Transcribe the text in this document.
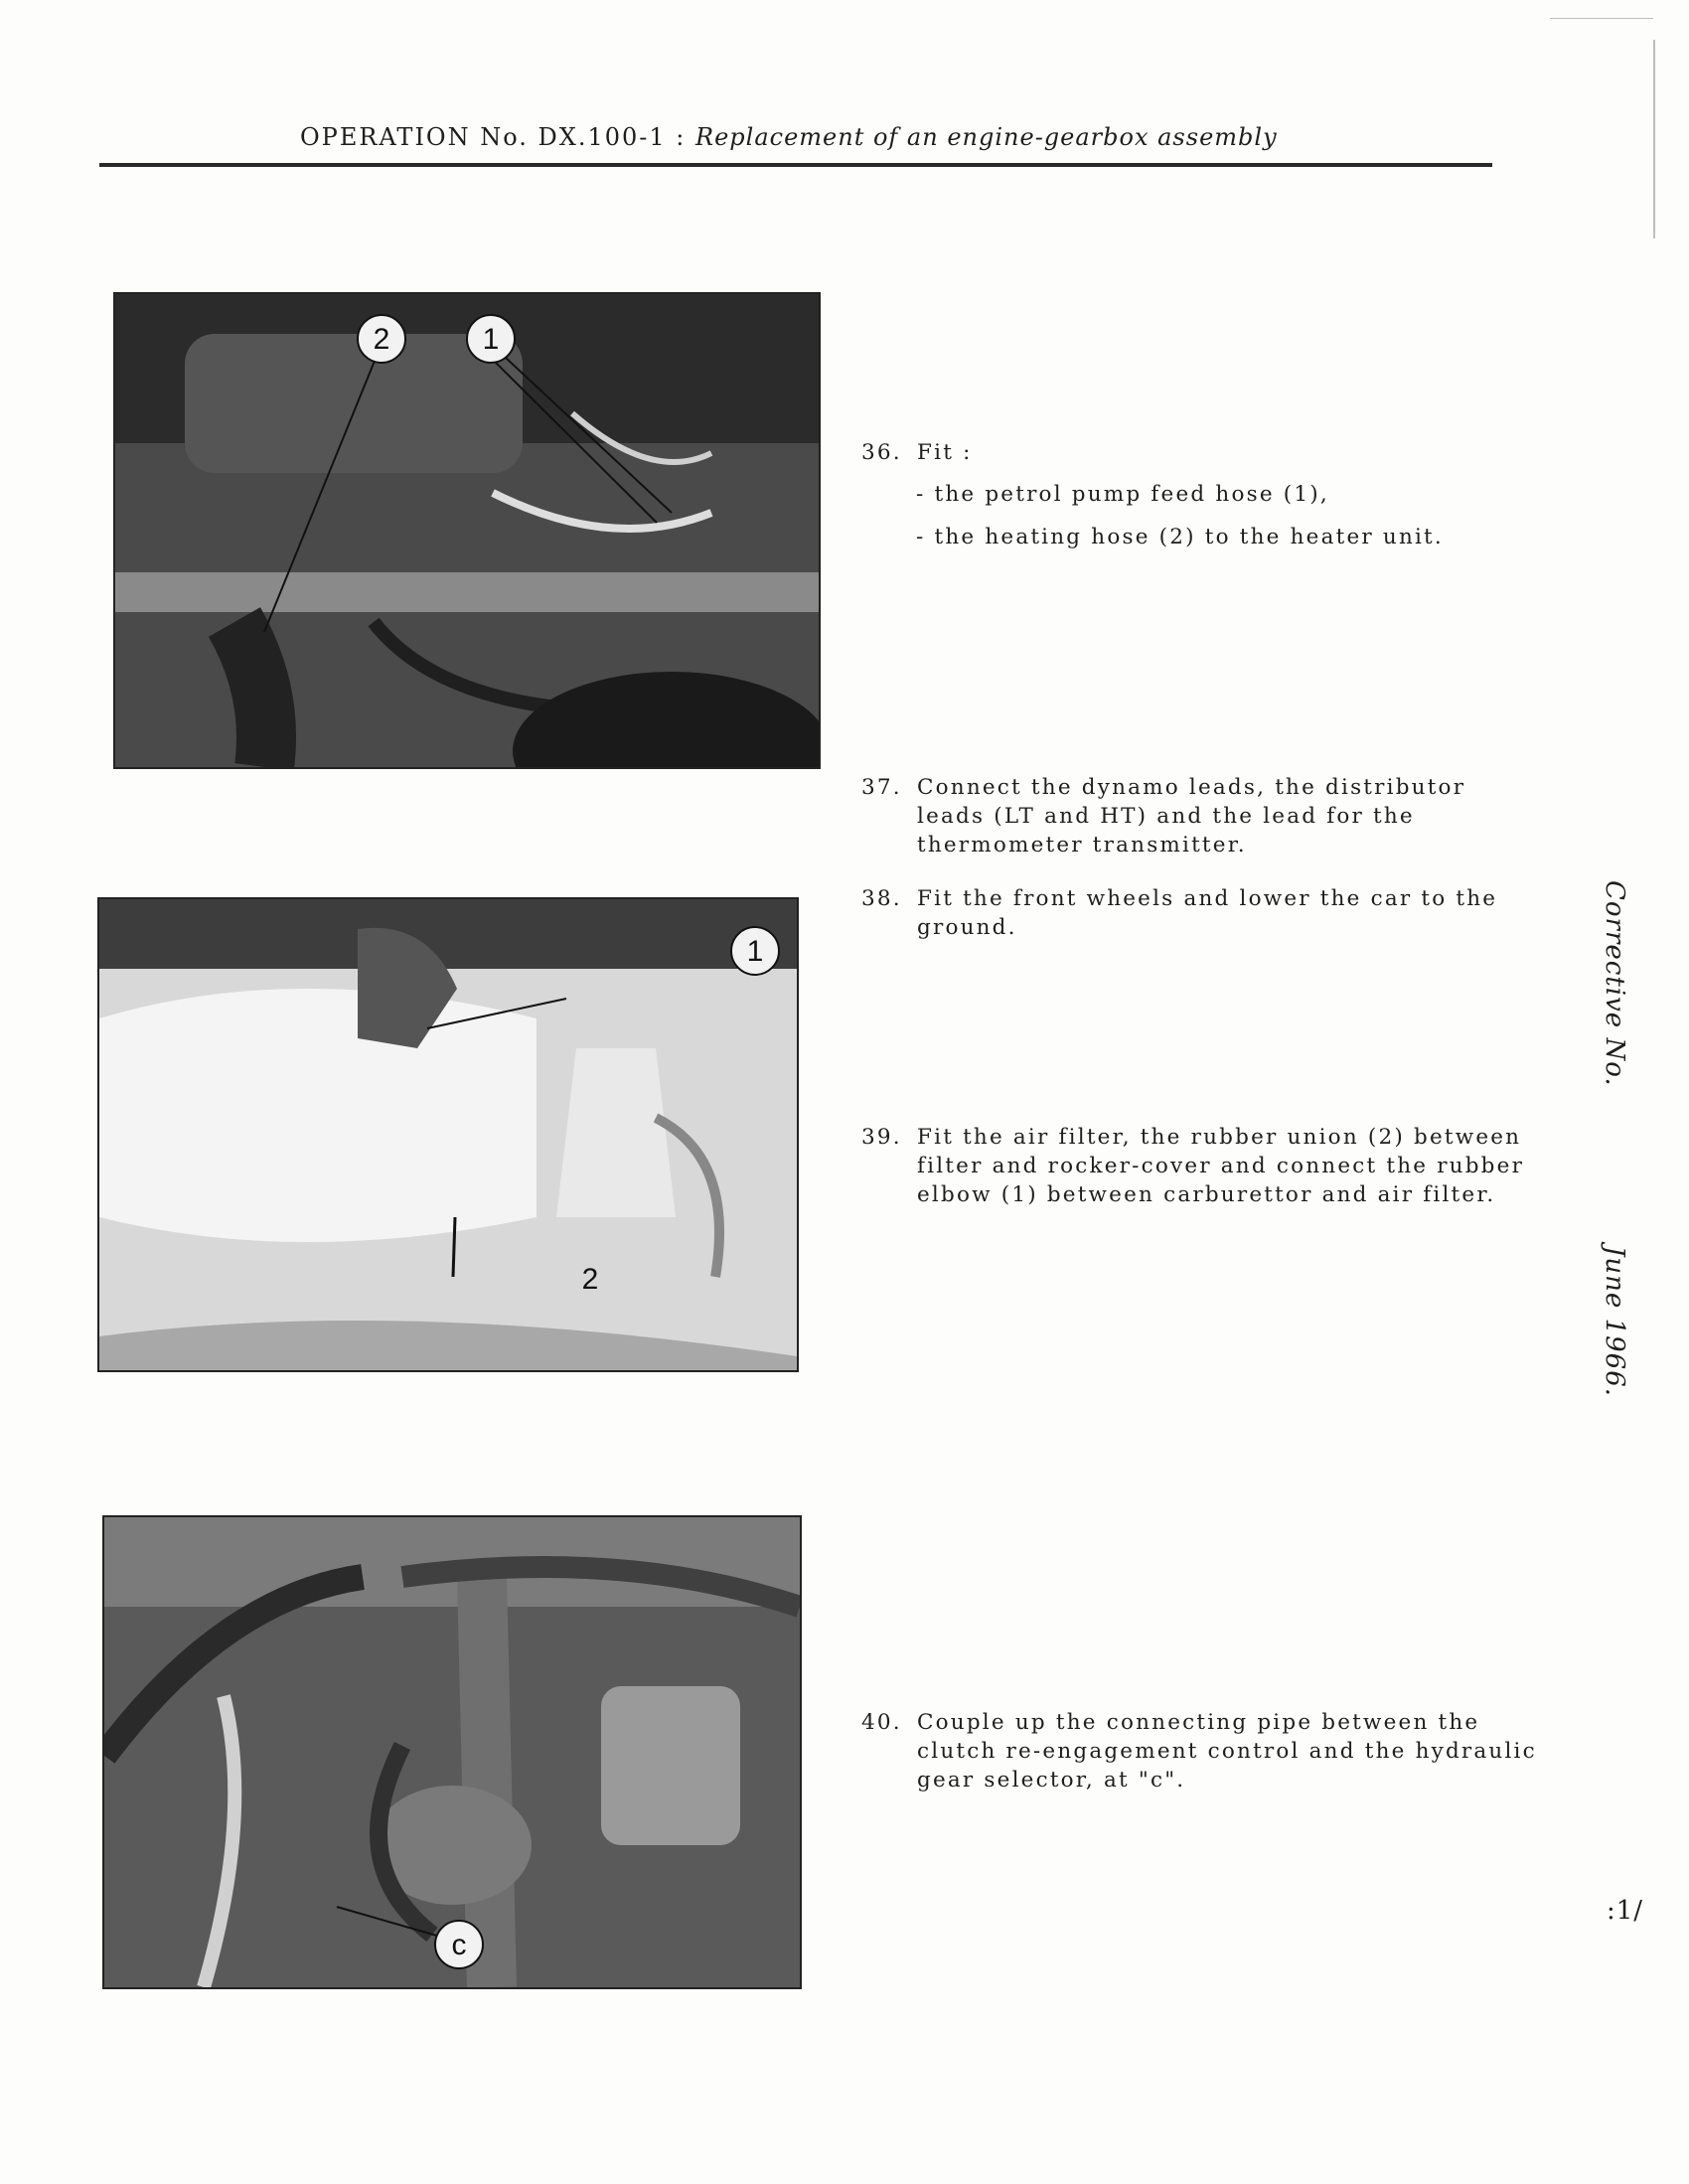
OPERATION No. DX.100-1 : Replacement of an engine-gearbox assembly
2	1
1
2
c
36. Fit :
- the petrol pump feed hose (1),
- the heating hose (2) to the heater unit.
37. Connect the dynamo leads, the distributor
leads (LT and HT) and the lead for the
thermometer transmitter.
38. Fit the front wheels and lower the car to the
ground.
39. Fit the air filter, the rubber union (2) between
filter and rocker-cover and connect the rubber
elbow (1) between carburettor and air filter.
40. Couple up the connecting pipe between the
clutch re-engagement control and the hydraulic
gear selector, at "c".
Corrective No.
June 1966.
:1/
